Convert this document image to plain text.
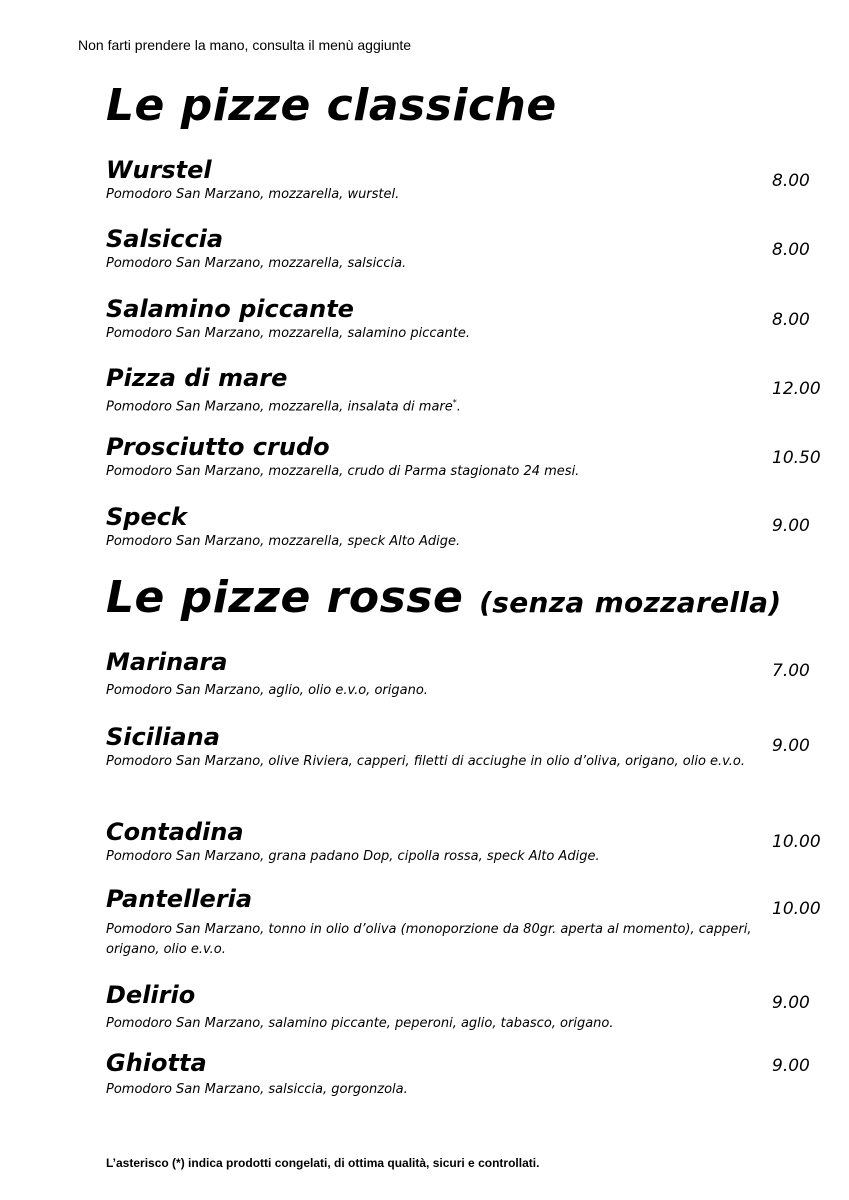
Non farti prendere la mano, consulta il menù aggiunte
Le pizze classiche
Wurstel
Pomodoro San Marzano, mozzarella, wurstel.
8.00
Salsiccia
Pomodoro San Marzano, mozzarella, salsiccia.
8.00
Salamino piccante
Pomodoro San Marzano, mozzarella, salamino piccante.
8.00
Pizza di mare
Pomodoro San Marzano, mozzarella, insalata di mare*.
12.00
Prosciutto crudo
Pomodoro San Marzano, mozzarella, crudo di Parma stagionato 24 mesi.
10.50
Speck
Pomodoro San Marzano, mozzarella, speck Alto Adige.
9.00
Le pizze rosse (senza mozzarella)
Marinara
Pomodoro San Marzano, aglio, olio e.v.o, origano.
7.00
Siciliana
Pomodoro San Marzano, olive Riviera, capperi, filetti di acciughe in olio d’oliva, origano, olio e.v.o.
9.00
Contadina
Pomodoro San Marzano, grana padano Dop, cipolla rossa, speck Alto Adige.
10.00
Pantelleria
Pomodoro San Marzano, tonno in olio d’oliva (monoporzione da 80gr. aperta al momento), capperi, origano, olio e.v.o.
10.00
Delirio
Pomodoro San Marzano, salamino piccante, peperoni, aglio, tabasco, origano.
9.00
Ghiotta
Pomodoro San Marzano, salsiccia, gorgonzola.
9.00
L’asterisco (*) indica prodotti congelati, di ottima qualità, sicuri e controllati.
